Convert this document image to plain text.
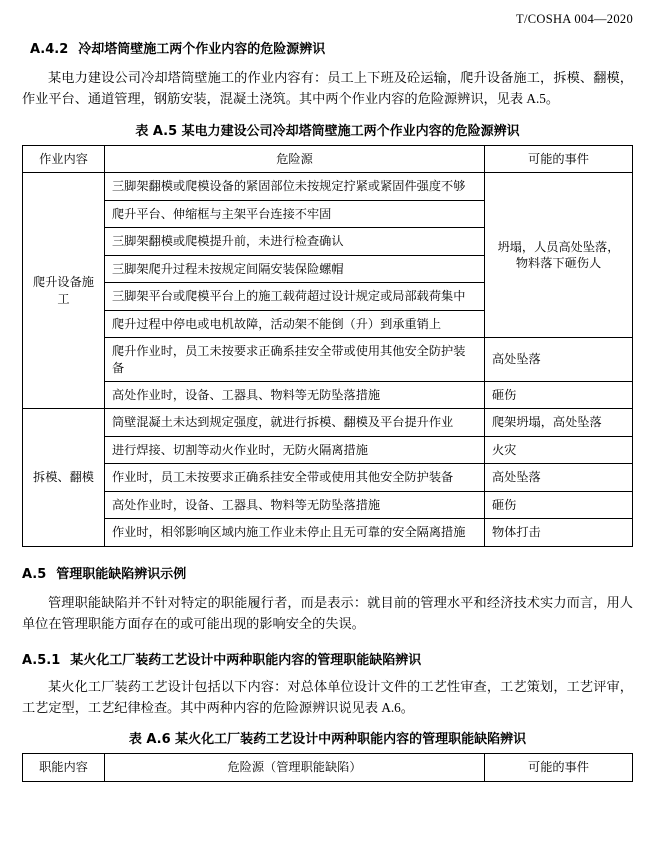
T/COSHA 004—2020
A.4.2 冷却塔筒壁施工两个作业内容的危险源辨识

某电力建设公司冷却塔筒壁施工的作业内容有：员工上下班及砼运输，爬升设备施工，拆模、翻模，作业平台、通道管理，钢筋安装，混凝土浇筑。其中两个作业内容的危险源辨识，见表 A.5。

表 A.5 某电力建设公司冷却塔筒壁施工两个作业内容的危险源辨识
作业内容	危险源	可能的事件
爬升设备施工	三脚架翻模或爬模设备的紧固部位未按规定拧紧或紧固件强度不够	坍塌，人员高处坠落，物料落下砸伤人
	爬升平台、伸缩框与主架平台连接不牢固	
	三脚架翻模或爬模提升前，未进行检查确认	
	三脚架爬升过程未按规定间隔安装保险螺帽	
	三脚架平台或爬模平台上的施工载荷超过设计规定或局部载荷集中	
	爬升过程中停电或电机故障，活动架不能倒（升）到承重销上	
	爬升作业时，员工未按要求正确系挂安全带或使用其他安全防护装备	高处坠落
	高处作业时，设备、工器具、物料等无防坠落措施	砸伤
拆模、翻模	筒壁混凝土未达到规定强度，就进行拆模、翻模及平台提升作业	爬架坍塌，高处坠落
	进行焊接、切割等动火作业时，无防火隔离措施	火灾
	作业时，员工未按要求正确系挂安全带或使用其他安全防护装备	高处坠落
	高处作业时，设备、工器具、物料等无防坠落措施	砸伤
	作业时，相邻影响区域内施工作业未停止且无可靠的安全隔离措施	物体打击
A.5 管理职能缺陷辨识示例

管理职能缺陷并不针对特定的职能履行者，而是表示：就目前的管理水平和经济技术实力而言，用人单位在管理职能方面存在的或可能出现的影响安全的失误。

A.5.1 某火化工厂装药工艺设计中两种职能内容的管理职能缺陷辨识

某火化工厂装药工艺设计包括以下内容：对总体单位设计文件的工艺性审查，工艺策划，工艺评审，工艺定型，工艺纪律检查。其中两种内容的危险源辨识说见表 A.6。

表 A.6 某火化工厂装药工艺设计中两种职能内容的管理职能缺陷辨识
职能内容	危险源（管理职能缺陷）	可能的事件
